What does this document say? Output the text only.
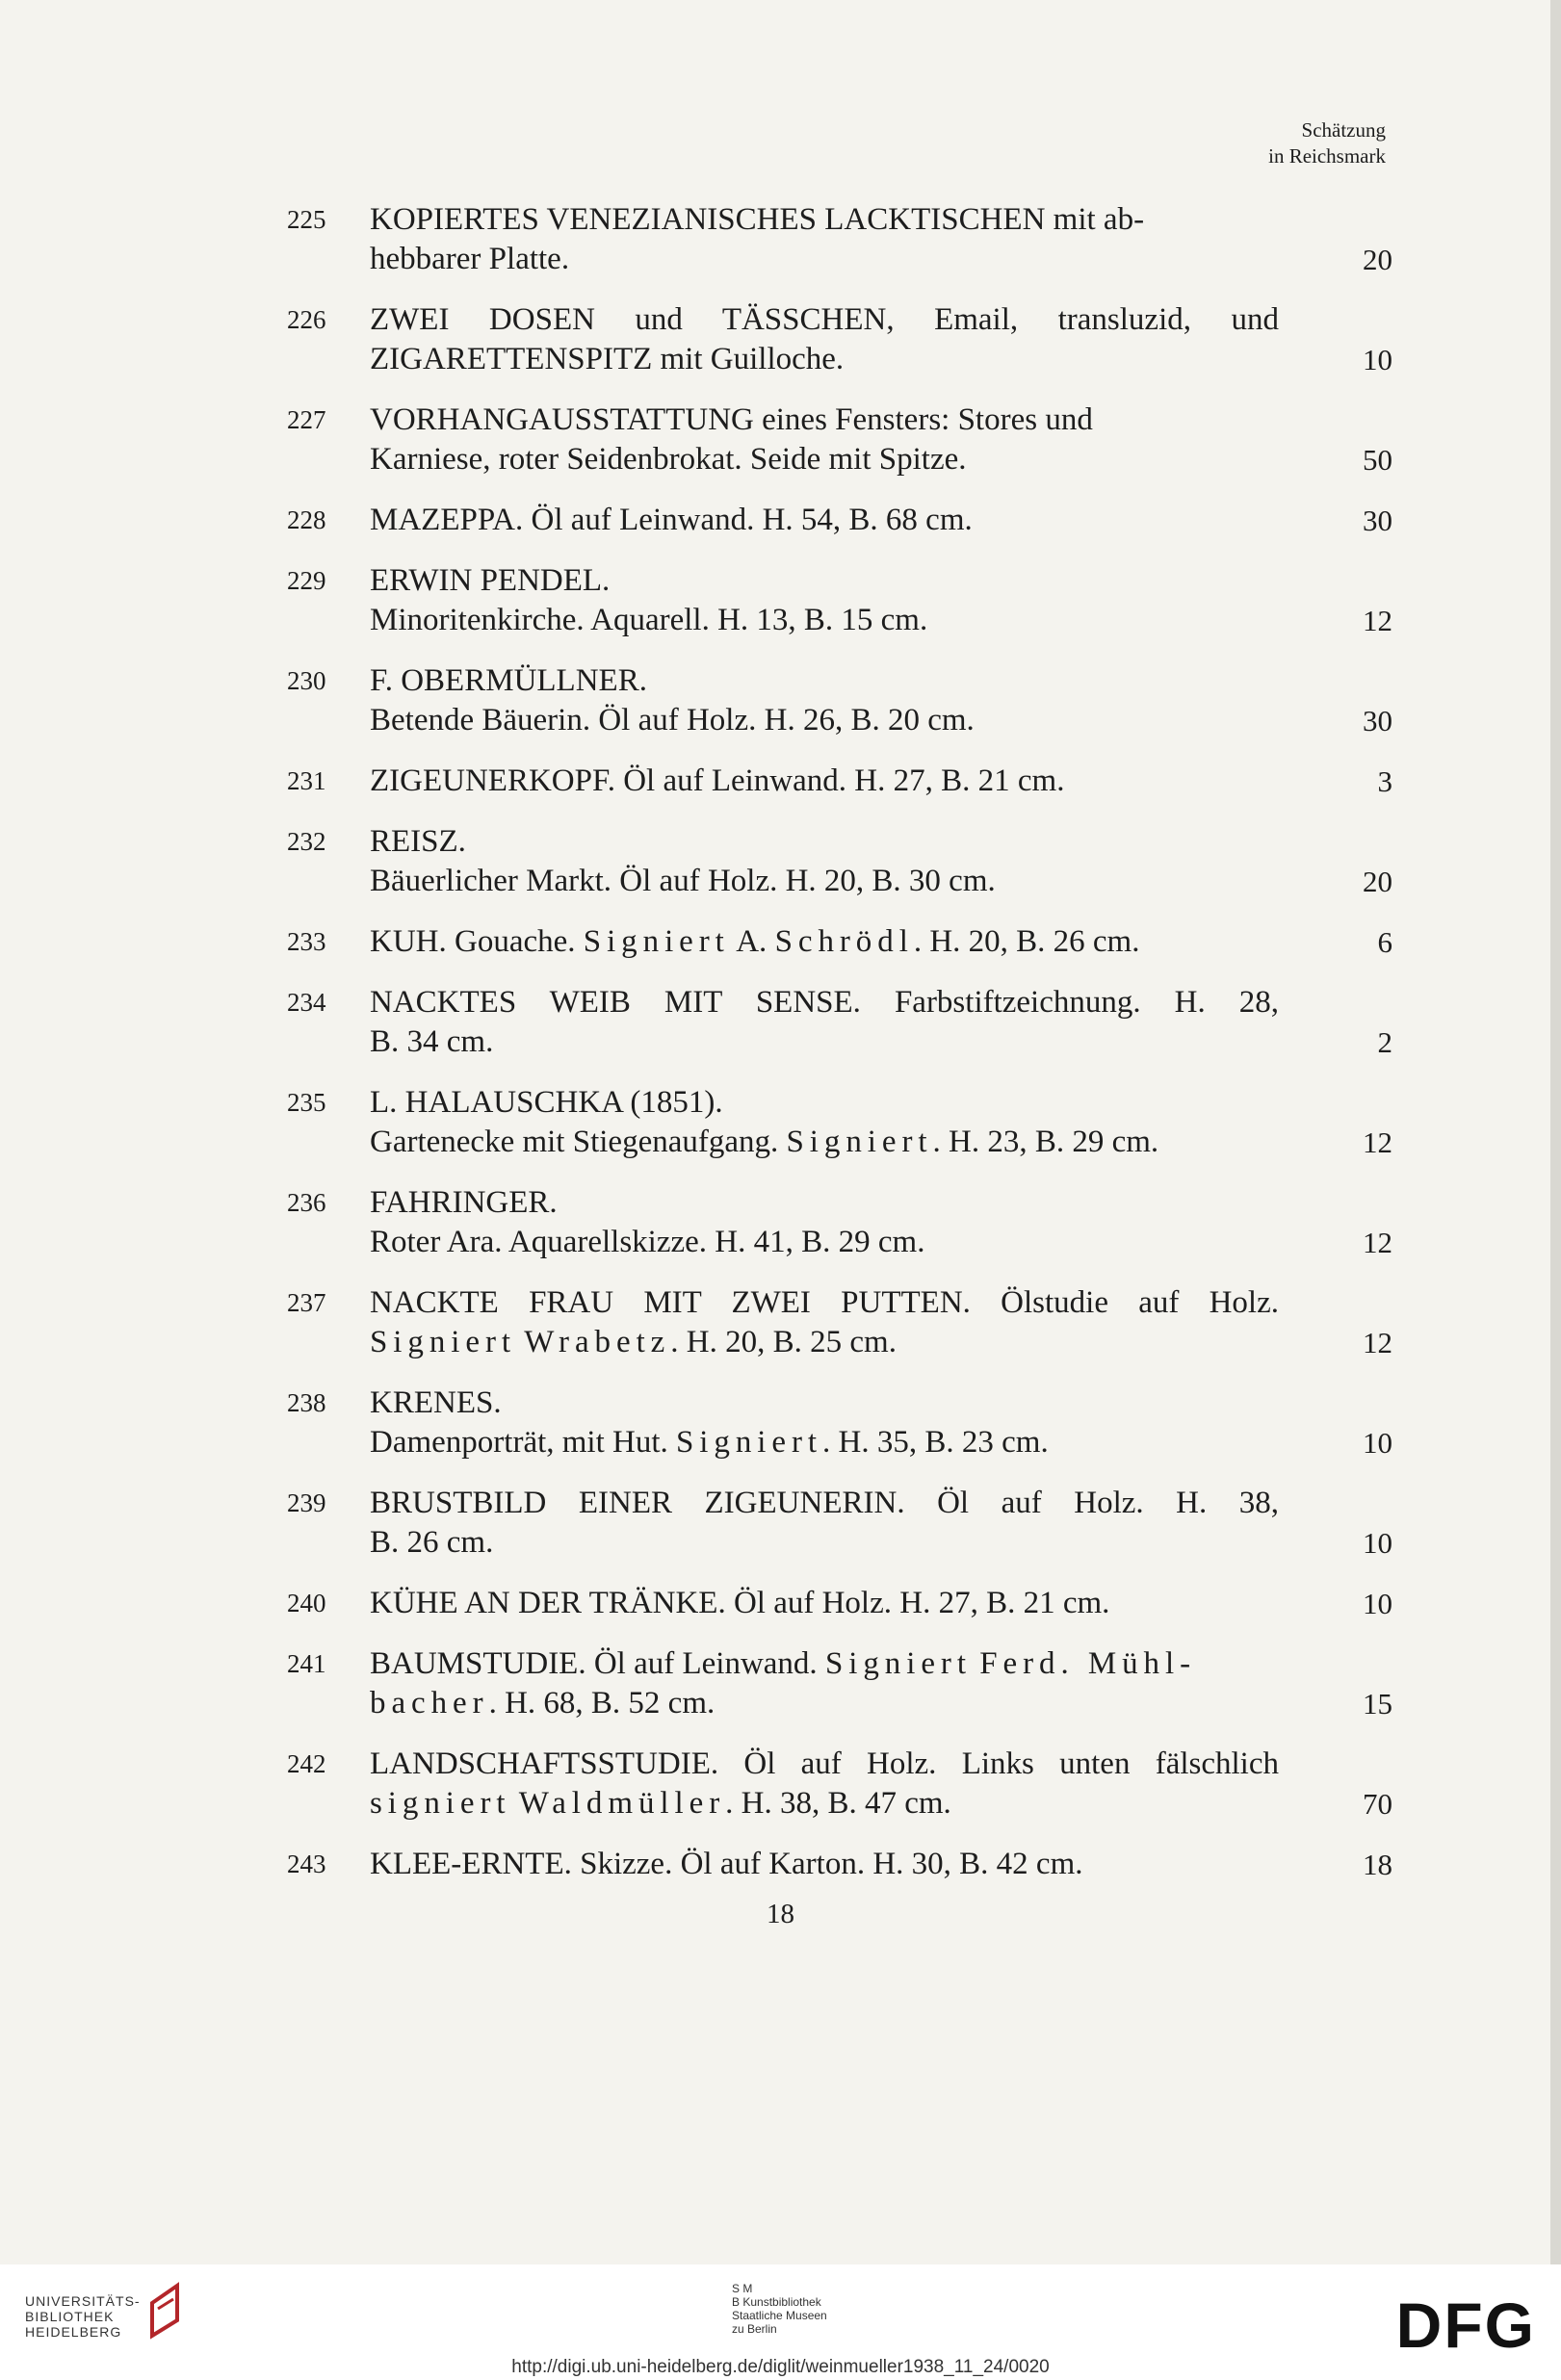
Schätzung
in Reichsmark
225	KOPIERTES VENEZIANISCHES LACKTISCHEN mit ab-
hebbarer Platte.	20
226	ZWEI DOSEN und TÄSSCHEN, Email, transluzid, und
ZIGARETTENSPITZ mit Guilloche.	10
227	VORHANGAUSSTATTUNG eines Fensters: Stores und
Karniese, roter Seidenbrokat. Seide mit Spitze.	50
228	MAZEPPA. Öl auf Leinwand. H. 54, B. 68 cm.	30
229	ERWIN PENDEL.
Minoritenkirche. Aquarell. H. 13, B. 15 cm.	12
230	F. OBERMÜLLNER.
Betende Bäuerin. Öl auf Holz. H. 26, B. 20 cm.	30
231	ZIGEUNERKOPF. Öl auf Leinwand. H. 27, B. 21 cm.	3
232	REISZ.
Bäuerlicher Markt. Öl auf Holz. H. 20, B. 30 cm.	20
233	KUH. Gouache. Signiert A. Schrödl. H. 20, B. 26 cm.	6
234	NACKTES WEIB MIT SENSE. Farbstiftzeichnung. H. 28,
B. 34 cm.	2
235	L. HALAUSCHKA (1851).
Gartenecke mit Stiegenaufgang. Signiert. H. 23, B. 29 cm.	12
236	FAHRINGER.
Roter Ara. Aquarellskizze. H. 41, B. 29 cm.	12
237	NACKTE FRAU MIT ZWEI PUTTEN. Ölstudie auf Holz.
Signiert Wrabetz. H. 20, B. 25 cm.	12
238	KRENES.
Damenporträt, mit Hut. Signiert. H. 35, B. 23 cm.	10
239	BRUSTBILD EINER ZIGEUNERIN. Öl auf Holz. H. 38,
B. 26 cm.	10
240	KÜHE AN DER TRÄNKE. Öl auf Holz. H. 27, B. 21 cm.	10
241	BAUMSTUDIE. Öl auf Leinwand. Signiert Ferd. Mühl-
bacher. H. 68, B. 52 cm.	15
242	LANDSCHAFTSSTUDIE. Öl auf Holz. Links unten fälschlich
signiert Waldmüller. H. 38, B. 47 cm.	70
243	KLEE-ERNTE. Skizze. Öl auf Karton. H. 30, B. 42 cm.	18
18
UNIVERSITÄTS-
BIBLIOTHEK
HEIDELBERG
S M
B Kunstbibliothek
Staatliche Museen
zu Berlin	DFG
http://digi.ub.uni-heidelberg.de/diglit/weinmueller1938_11_24/0020
